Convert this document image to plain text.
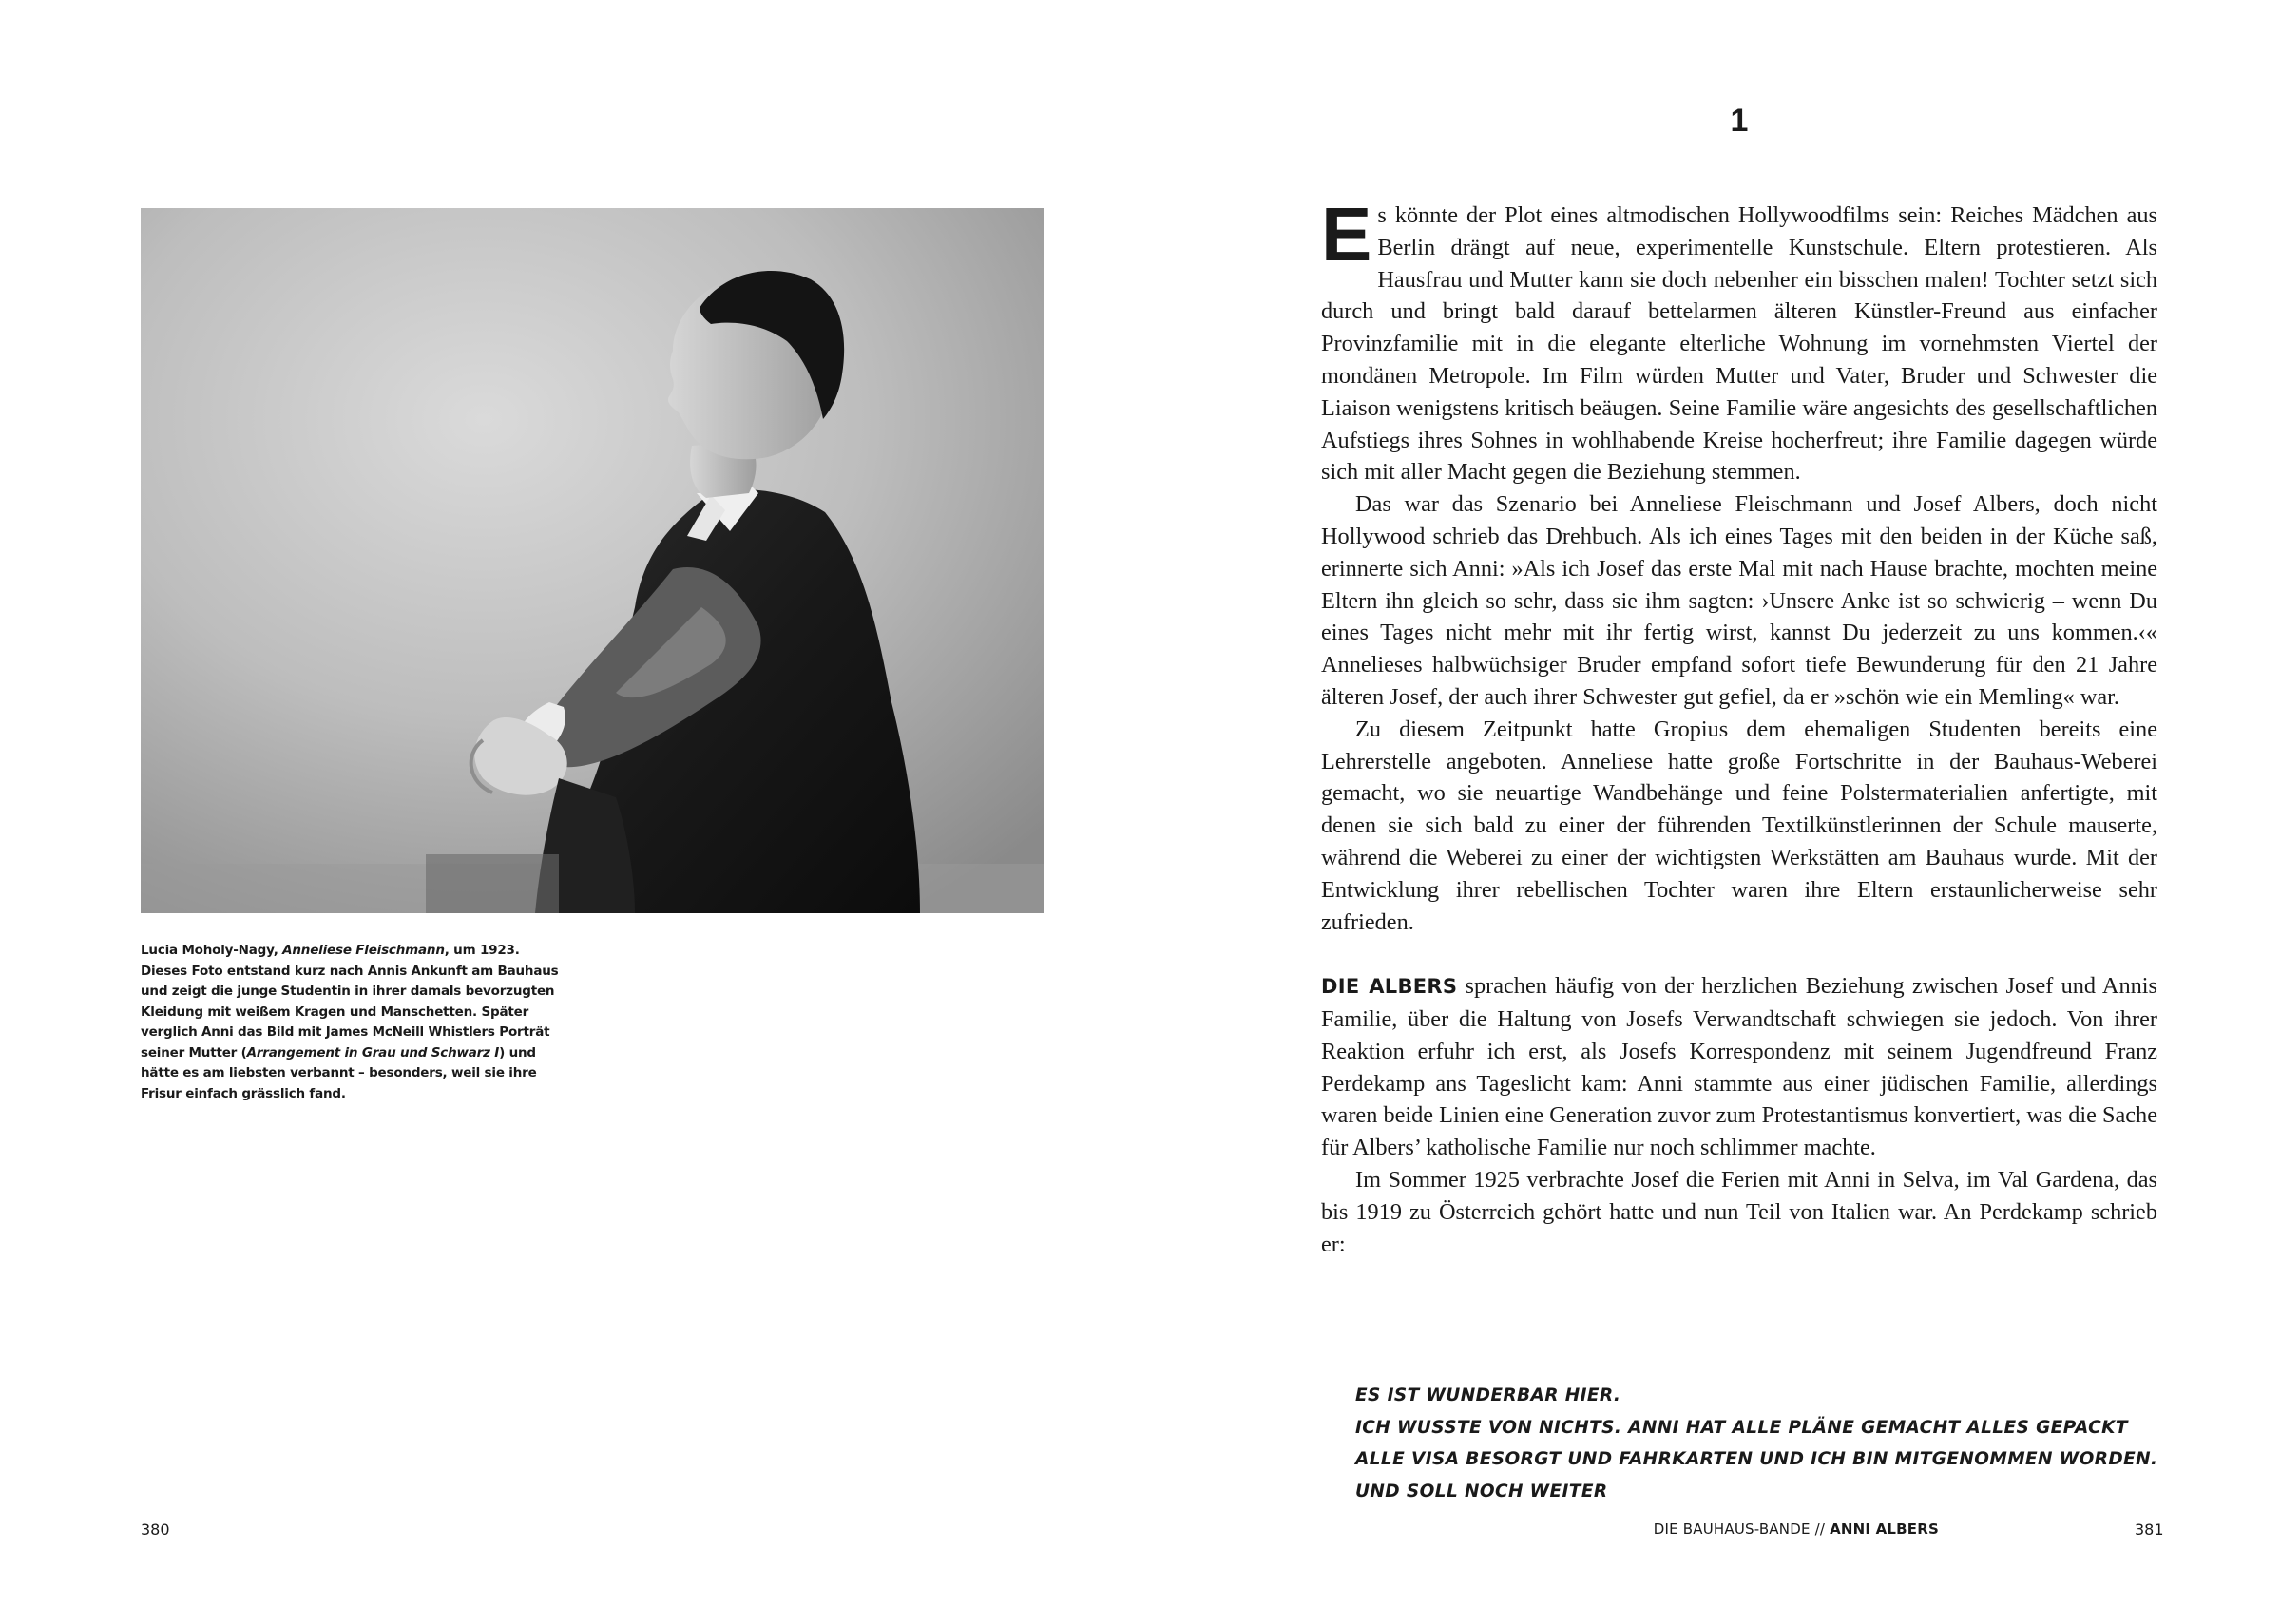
Lucia Moholy-Nagy, Anneliese Fleischmann, um 1923. Dieses Foto entstand kurz nach Annis Ankunft am Bauhaus und zeigt die junge Studentin in ihrer damals bevorzugten Kleidung mit weißem Kragen und Manschetten. Später verglich Anni das Bild mit James McNeill Whistlers Porträt seiner Mutter (Arrangement in Grau und Schwarz I) und hätte es am liebsten verbannt – besonders, weil sie ihre Frisur einfach grässlich fand.

380
1

Es könnte der Plot eines altmodischen Hollywoodfilms sein: Reiches Mädchen aus Berlin drängt auf neue, experimentelle Kunstschule. Eltern protestieren. Als Hausfrau und Mutter kann sie doch nebenher ein bisschen malen! Tochter setzt sich durch und bringt bald darauf bettelarmen älteren Künstler-Freund aus einfacher Provinzfamilie mit in die elegante elterliche Wohnung im vornehmsten Viertel der mondänen Metropole. Im Film würden Mutter und Vater, Bruder und Schwester die Liaison wenigstens kritisch beäugen. Seine Familie wäre angesichts des gesellschaftlichen Aufstiegs ihres Sohnes in wohlhabende Kreise hocherfreut; ihre Familie dagegen würde sich mit aller Macht gegen die Beziehung stemmen.

Das war das Szenario bei Anneliese Fleischmann und Josef Albers, doch nicht Hollywood schrieb das Drehbuch. Als ich eines Tages mit den beiden in der Küche saß, erinnerte sich Anni: »Als ich Josef das erste Mal mit nach Hause brachte, mochten meine Eltern ihn gleich so sehr, dass sie ihm sagten: ›Unsere Anke ist so schwierig – wenn Du eines Tages nicht mehr mit ihr fertig wirst, kannst Du jederzeit zu uns kommen.‹« Annelieses halbwüchsiger Bruder empfand sofort tiefe Bewunderung für den 21 Jahre älteren Josef, der auch ihrer Schwester gut gefiel, da er »schön wie ein Memling« war.

Zu diesem Zeitpunkt hatte Gropius dem ehemaligen Studenten bereits eine Lehrerstelle angeboten. Anneliese hatte große Fortschritte in der Bauhaus-Weberei gemacht, wo sie neuartige Wandbehänge und feine Polstermaterialien anfertigte, mit denen sie sich bald zu einer der führenden Textilkünstlerinnen der Schule mauserte, während die Weberei zu einer der wichtigsten Werkstätten am Bauhaus wurde. Mit der Entwicklung ihrer rebellischen Tochter waren ihre Eltern erstaunlicherweise sehr zufrieden.

DIE ALBERS sprachen häufig von der herzlichen Beziehung zwischen Josef und Annis Familie, über die Haltung von Josefs Verwandtschaft schwiegen sie jedoch. Von ihrer Reaktion erfuhr ich erst, als Josefs Korrespondenz mit seinem Jugendfreund Franz Perdekamp ans Tageslicht kam: Anni stammte aus einer jüdischen Familie, allerdings waren beide Linien eine Generation zuvor zum Protestantismus konvertiert, was die Sache für Albers’ katholische Familie nur noch schlimmer machte.

Im Sommer 1925 verbrachte Josef die Ferien mit Anni in Selva, im Val Gardena, das bis 1919 zu Österreich gehört hatte und nun Teil von Italien war. An Perdekamp schrieb er:

ES IST WUNDERBAR HIER.

ICH WUSSTE VON NICHTS. ANNI HAT ALLE PLÄNE GEMACHT ALLES GEPACKT ALLE VISA BESORGT UND FAHRKARTEN UND ICH BIN MITGENOMMEN WORDEN. UND SOLL NOCH WEITER

DIE BAUHAUS-BANDE // ANNI ALBERS	381
